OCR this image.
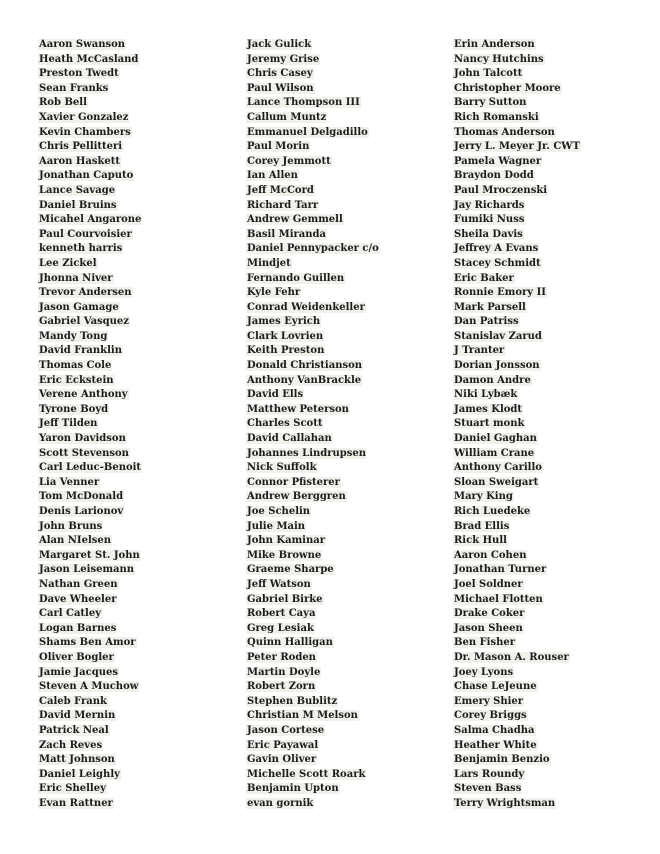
Aaron Swanson
Heath McCasland
Preston Twedt
Sean Franks
Rob Bell
Xavier Gonzalez
Kevin Chambers
Chris Pellitteri
Aaron Haskett
Jonathan Caputo
Lance Savage
Daniel Bruins
Micahel Angarone
Paul Courvoisier
kenneth harris
Lee Zickel
Jhonna Niver
Trevor Andersen
Jason Gamage
Gabriel Vasquez
Mandy Tong
David Franklin
Thomas Cole
Eric Eckstein
Verene Anthony
Tyrone Boyd
Jeff Tilden
Yaron Davidson
Scott Stevenson
Carl Leduc-Benoit
Lia Venner
Tom McDonald
Denis Larionov
John Bruns
Alan NIelsen
Margaret St. John
Jason Leisemann
Nathan Green
Dave Wheeler
Carl Catley
Logan Barnes
Shams Ben Amor
Oliver Bogler
Jamie Jacques
Steven A Muchow
Caleb Frank
David Mernin
Patrick Neal
Zach Reves
Matt Johnson
Daniel Leighly
Eric Shelley
Evan Rattner
Jack Gulick
Jeremy Grise
Chris Casey
Paul Wilson
Lance Thompson III
Callum Muntz
Emmanuel Delgadillo
Paul Morin
Corey Jemmott
Ian Allen
Jeff McCord
Richard Tarr
Andrew Gemmell
Basil Miranda
Daniel Pennypacker c/o
Mindjet
Fernando Guillen
Kyle Fehr
Conrad Weidenkeller
James Eyrich
Clark Lovrien
Keith Preston
Donald Christianson
Anthony VanBrackle
David Ells
Matthew Peterson
Charles Scott
David Callahan
Johannes Lindrupsen
Nick Suffolk
Connor Pfisterer
Andrew Berggren
Joe Schelin
Julie Main
John Kaminar
Mike Browne
Graeme Sharpe
Jeff Watson
Gabriel Birke
Robert Caya
Greg Lesiak
Quinn Halligan
Peter Roden
Martin Doyle
Robert Zorn
Stephen Bublitz
Christian M Melson
Jason Cortese
Eric Payawal
Gavin Oliver
Michelle Scott Roark
Benjamin Upton
evan gornik
Erin Anderson
Nancy Hutchins
John Talcott
Christopher Moore
Barry Sutton
Rich Romanski
Thomas Anderson
Jerry L. Meyer Jr. CWT
Pamela Wagner
Braydon Dodd
Paul Mroczenski
Jay Richards
Fumiki Nuss
Sheila Davis
Jeffrey A Evans
Stacey Schmidt
Eric Baker
Ronnie Emory II
Mark Parsell
Dan Patriss
Stanislav Zarud
J Tranter
Dorian Jonsson
Damon Andre
Niki Lybæk
James Klodt
Stuart monk
Daniel Gaghan
William Crane
Anthony Carillo
Sloan Sweigart
Mary King
Rich Luedeke
Brad Ellis
Rick Hull
Aaron Cohen
Jonathan Turner
Joel Soldner
Michael Flotten
Drake Coker
Jason Sheen
Ben Fisher
Dr. Mason A. Rouser
Joey Lyons
Chase LeJeune
Emery Shier
Corey Briggs
Salma Chadha
Heather White
Benjamin Benzio
Lars Roundy
Steven Bass
Terry Wrightsman
